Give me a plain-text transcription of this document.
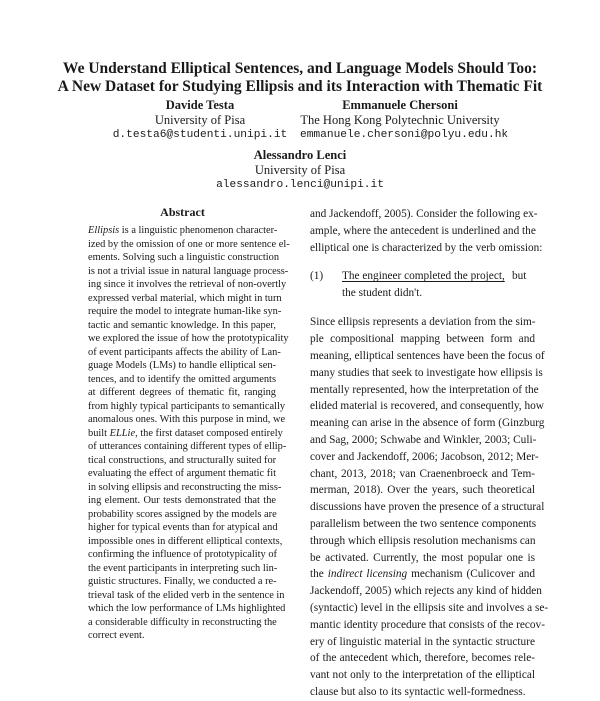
We Understand Elliptical Sentences, and Language Models Should Too:
A New Dataset for Studying Ellipsis and its Interaction with Thematic Fit
Davide Testa
University of Pisa
d.testa6@studenti.unipi.it
Emmanuele Chersoni
The Hong Kong Polytechnic University
emmanuele.chersoni@polyu.edu.hk
Alessandro Lenci
University of Pisa
alessandro.lenci@unipi.it
Abstract
Ellipsis is a linguistic phenomenon character-
ized by the omission of one or more sentence el-
ements. Solving such a linguistic construction
is not a trivial issue in natural language process-
ing since it involves the retrieval of non-overtly
expressed verbal material, which might in turn
require the model to integrate human-like syn-
tactic and semantic knowledge. In this paper,
we explored the issue of how the prototypicality
of event participants affects the ability of Lan-
guage Models (LMs) to handle elliptical sen-
tences, and to identify the omitted arguments
at different degrees of thematic fit, ranging
from highly typical participants to semantically
anomalous ones. With this purpose in mind, we
built ELLie, the first dataset composed entirely
of utterances containing different types of ellip-
tical constructions, and structurally suited for
evaluating the effect of argument thematic fit
in solving ellipsis and reconstructing the miss-
ing element. Our tests demonstrated that the
probability scores assigned by the models are
higher for typical events than for atypical and
impossible ones in different elliptical contexts,
confirming the influence of prototypicality of
the event participants in interpreting such lin-
guistic structures. Finally, we conducted a re-
trieval task of the elided verb in the sentence in
which the low performance of LMs highlighted
a considerable difficulty in reconstructing the
correct event.
and Jackendoff, 2005). Consider the following ex-
ample, where the antecedent is underlined and the
elliptical one is characterized by the verb omission:
(1) The engineer completed the project, but
the student didn't.
Since ellipsis represents a deviation from the sim-
ple compositional mapping between form and
meaning, elliptical sentences have been the focus of
many studies that seek to investigate how ellipsis is
mentally represented, how the interpretation of the
elided material is recovered, and consequently, how
meaning can arise in the absence of form (Ginzburg
and Sag, 2000; Schwabe and Winkler, 2003; Culi-
cover and Jackendoff, 2006; Jacobson, 2012; Mer-
chant, 2013, 2018; van Craenenbroeck and Tem-
merman, 2018). Over the years, such theoretical
discussions have proven the presence of a structural
parallelism between the two sentence components
through which ellipsis resolution mechanisms can
be activated. Currently, the most popular one is
the indirect licensing mechanism (Culicover and
Jackendoff, 2005) which rejects any kind of hidden
(syntactic) level in the ellipsis site and involves a se-
mantic identity procedure that consists of the recov-
ery of linguistic material in the syntactic structure
of the antecedent which, therefore, becomes rele-
vant not only to the interpretation of the elliptical
clause but also to its syntactic well-formedness.
